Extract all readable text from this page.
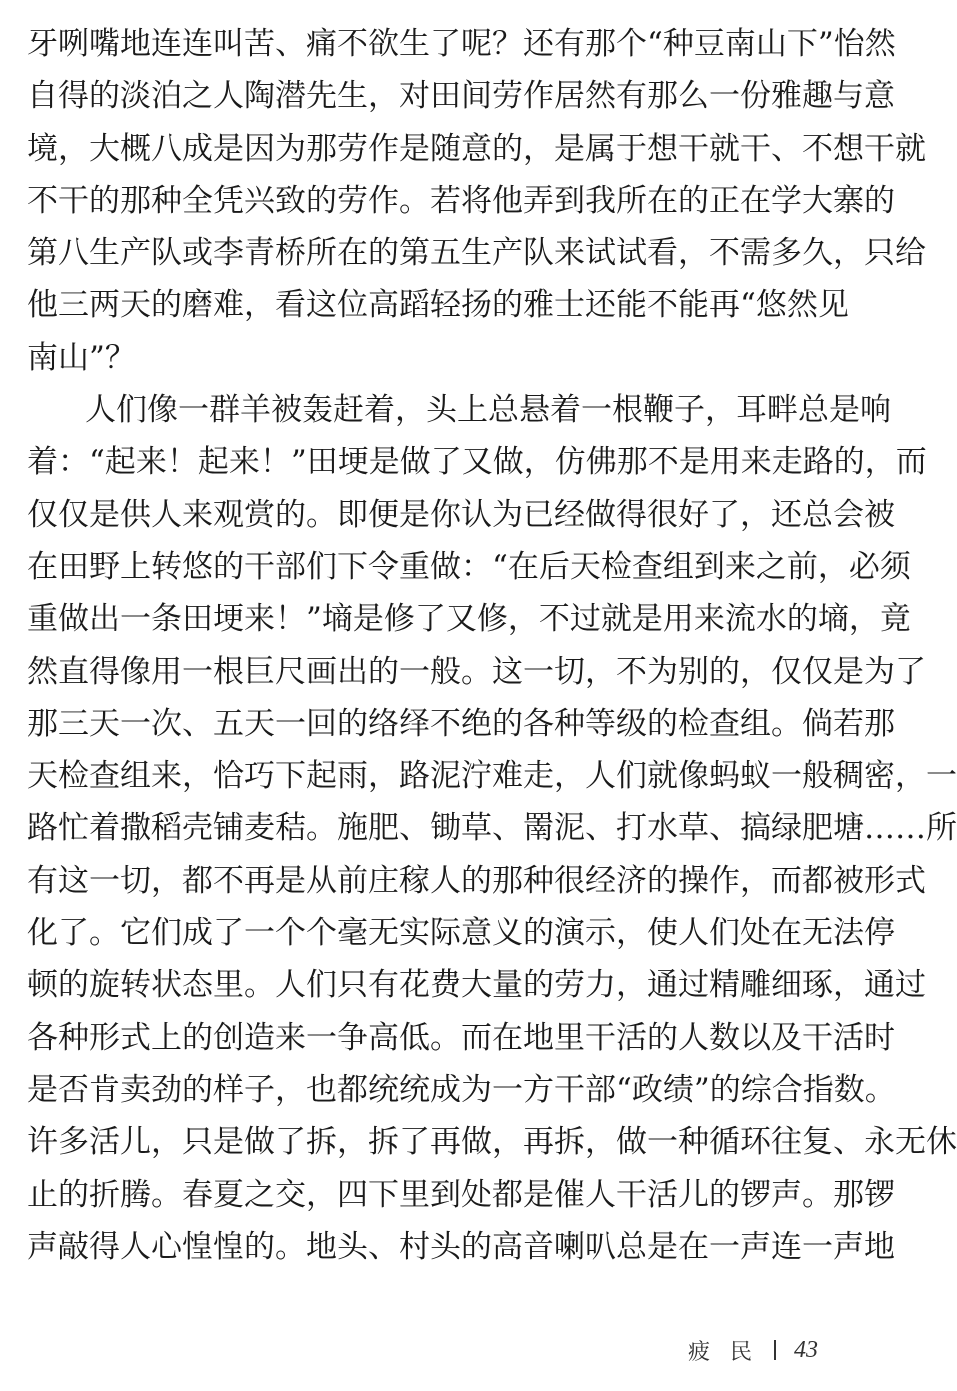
牙咧嘴地连连叫苦、痛不欲生了呢？还有那个“种豆南山下”怡然
自得的淡泊之人陶潜先生，对田间劳作居然有那么一份雅趣与意
境，大概八成是因为那劳作是随意的，是属于想干就干、不想干就
不干的那种全凭兴致的劳作。若将他弄到我所在的正在学大寨的
第八生产队或李青桥所在的第五生产队来试试看，不需多久，只给
他三两天的磨难，看这位高蹈轻扬的雅士还能不能再“悠然见
南山”？
人们像一群羊被轰赶着，头上总悬着一根鞭子，耳畔总是响
着：“起来！起来！”田埂是做了又做，仿佛那不是用来走路的，而
仅仅是供人来观赏的。即便是你认为已经做得很好了，还总会被
在田野上转悠的干部们下令重做：“在后天检查组到来之前，必须
重做出一条田埂来！”墒是修了又修，不过就是用来流水的墒，竟
然直得像用一根巨尺画出的一般。这一切，不为别的，仅仅是为了
那三天一次、五天一回的络绎不绝的各种等级的检查组。倘若那
天检查组来，恰巧下起雨，路泥泞难走，人们就像蚂蚁一般稠密，一
路忙着撒稻壳铺麦秸。施肥、锄草、罱泥、打水草、搞绿肥塘……所
有这一切，都不再是从前庄稼人的那种很经济的操作，而都被形式
化了。它们成了一个个毫无实际意义的演示，使人们处在无法停
顿的旋转状态里。人们只有花费大量的劳力，通过精雕细琢，通过
各种形式上的创造来一争高低。而在地里干活的人数以及干活时
是否肯卖劲的样子，也都统统成为一方干部“政绩”的综合指数。
许多活儿，只是做了拆，拆了再做，再拆，做一种循环往复、永无休
止的折腾。春夏之交，四下里到处都是催人干活儿的锣声。那锣
声敲得人心惶惶的。地头、村头的高音喇叭总是在一声连一声地
疲民 43
